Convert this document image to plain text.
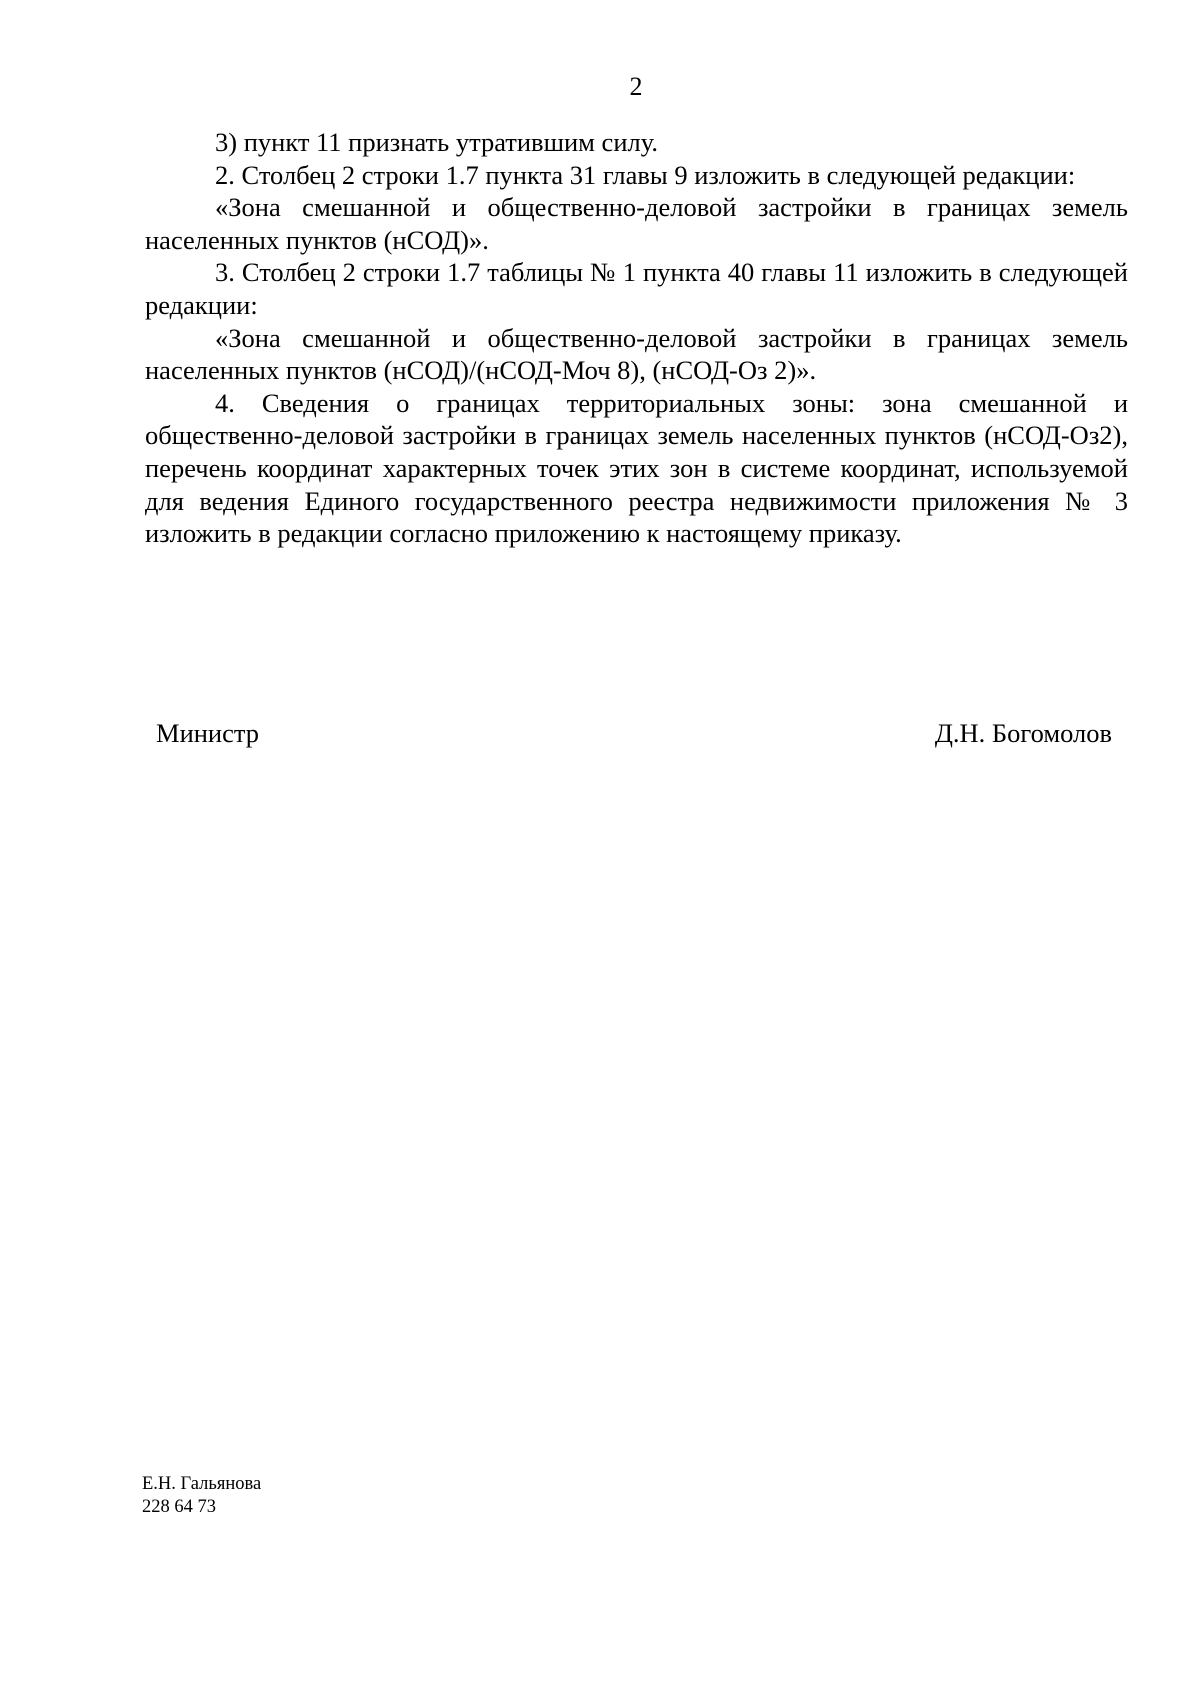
2

3) пункт 11 признать утратившим силу.

2. Столбец 2 строки 1.7 пункта 31 главы 9 изложить в следующей редакции:

«Зона смешанной и общественно-деловой застройки в границах земель населенных пунктов (нСОД)».

3. Столбец 2 строки 1.7 таблицы № 1 пункта 40 главы 11 изложить в следующей редакции:

«Зона смешанной и общественно-деловой застройки в границах земель населенных пунктов (нСОД)/(нСОД-Моч 8), (нСОД-Оз 2)».

4. Сведения о границах территориальных зоны: зона смешанной и общественно-деловой застройки в границах земель населенных пунктов (нСОД-Оз2), перечень координат характерных точек этих зон в системе координат, используемой для ведения Единого государственного реестра недвижимости приложения № 3 изложить в редакции согласно приложению к настоящему приказу.

Министр	Д.Н. Богомолов
Е.Н. Гальянова
228 64 73
